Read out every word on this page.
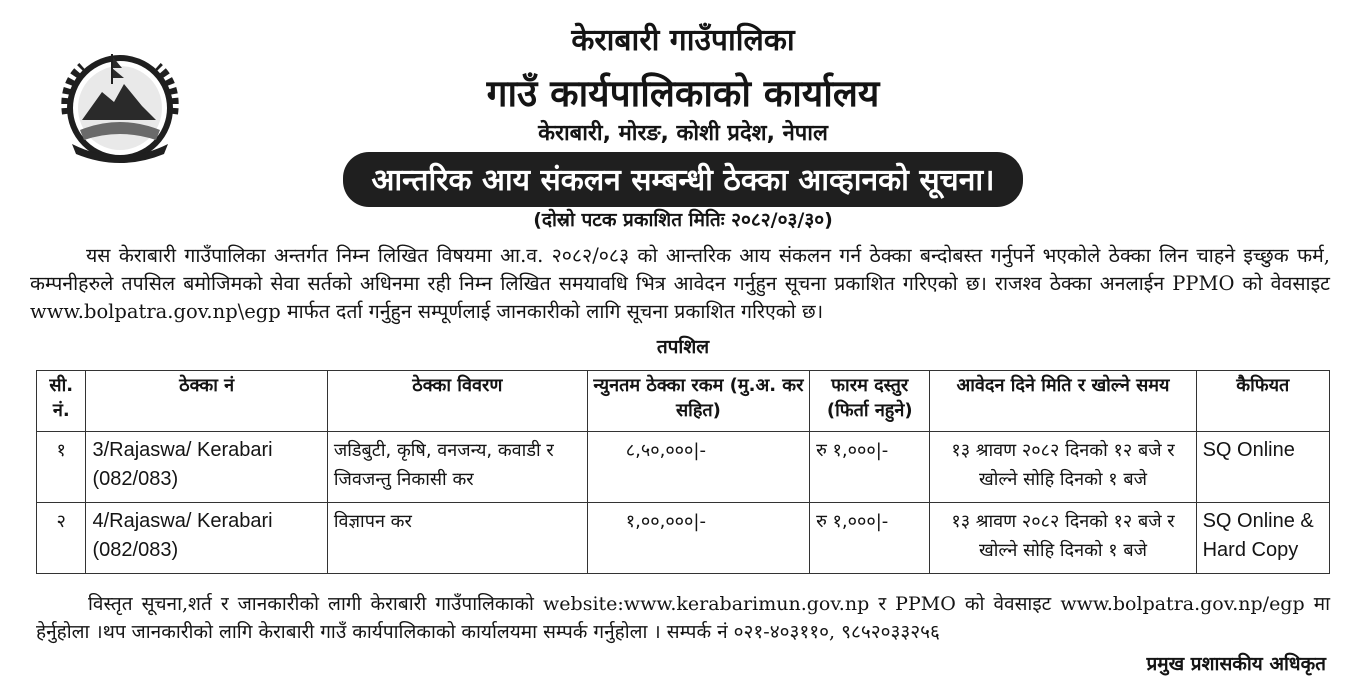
केराबारी गाउँपालिका
गाउँ कार्यपालिकाको कार्यालय
केराबारी, मोरङ, कोशी प्रदेश, नेपाल
आन्तरिक आय संकलन सम्बन्धी ठेक्का आव्हानको सूचना।
(दोस्रो पटक प्रकाशित मितिः २०८२/०३/३०)
यस केराबारी गाउँपालिका अन्तर्गत निम्न लिखित विषयमा आ.व. २०८२/०८३ को आन्तरिक आय संकलन गर्न ठेक्का बन्दोबस्त गर्नुपर्ने भएकोले ठेक्का लिन चाहने इच्छुक फर्म, कम्पनीहरुले तपसिल बमोजिमको सेवा सर्तको अधिनमा रही निम्न लिखित समयावधि भित्र आवेदन गर्नुहुन सूचना प्रकाशित गरिएको छ। राजश्व ठेक्का अनलाईन PPMO को वेवसाइट www.bolpatra.gov.np\egp मार्फत दर्ता गर्नुहुन सम्पूर्णलाई जानकारीको लागि सूचना प्रकाशित गरिएको छ।
तपशिल
सी. नं.	ठेक्का नं	ठेक्का विवरण	न्युनतम ठेक्का रकम (मु.अ. कर सहित)	फारम दस्तुर (फिर्ता नहुने)	आवेदन दिने मिति र खोल्ने समय	कैफियत
१	3/Rajaswa/ Kerabari (082/083)	जडिबुटी, कृषि, वनजन्य, कवाडी र जिवजन्तु निकासी कर	८,५०,०००|-	रु १,०००|-	१३ श्रावण २०८२ दिनको १२ बजे र खोल्ने सोहि दिनको १ बजे	SQ Online
२	4/Rajaswa/ Kerabari (082/083)	विज्ञापन कर	१,००,०००|-	रु १,०००|-	१३ श्रावण २०८२ दिनको १२ बजे र खोल्ने सोहि दिनको १ बजे	SQ Online & Hard Copy
विस्तृत सूचना,शर्त र जानकारीको लागी केराबारी गाउँपालिकाको website:www.kerabarimun.gov.np र PPMO को वेवसाइट www.bolpatra.gov.np/egp मा हेर्नुहोला ।थप जानकारीको लागि केराबारी गाउँ कार्यपालिकाको कार्यालयमा सम्पर्क गर्नुहोला । सम्पर्क नं ०२१-४०३११०, ९८५२०३३२५६
प्रमुख प्रशासकीय अधिकृत
